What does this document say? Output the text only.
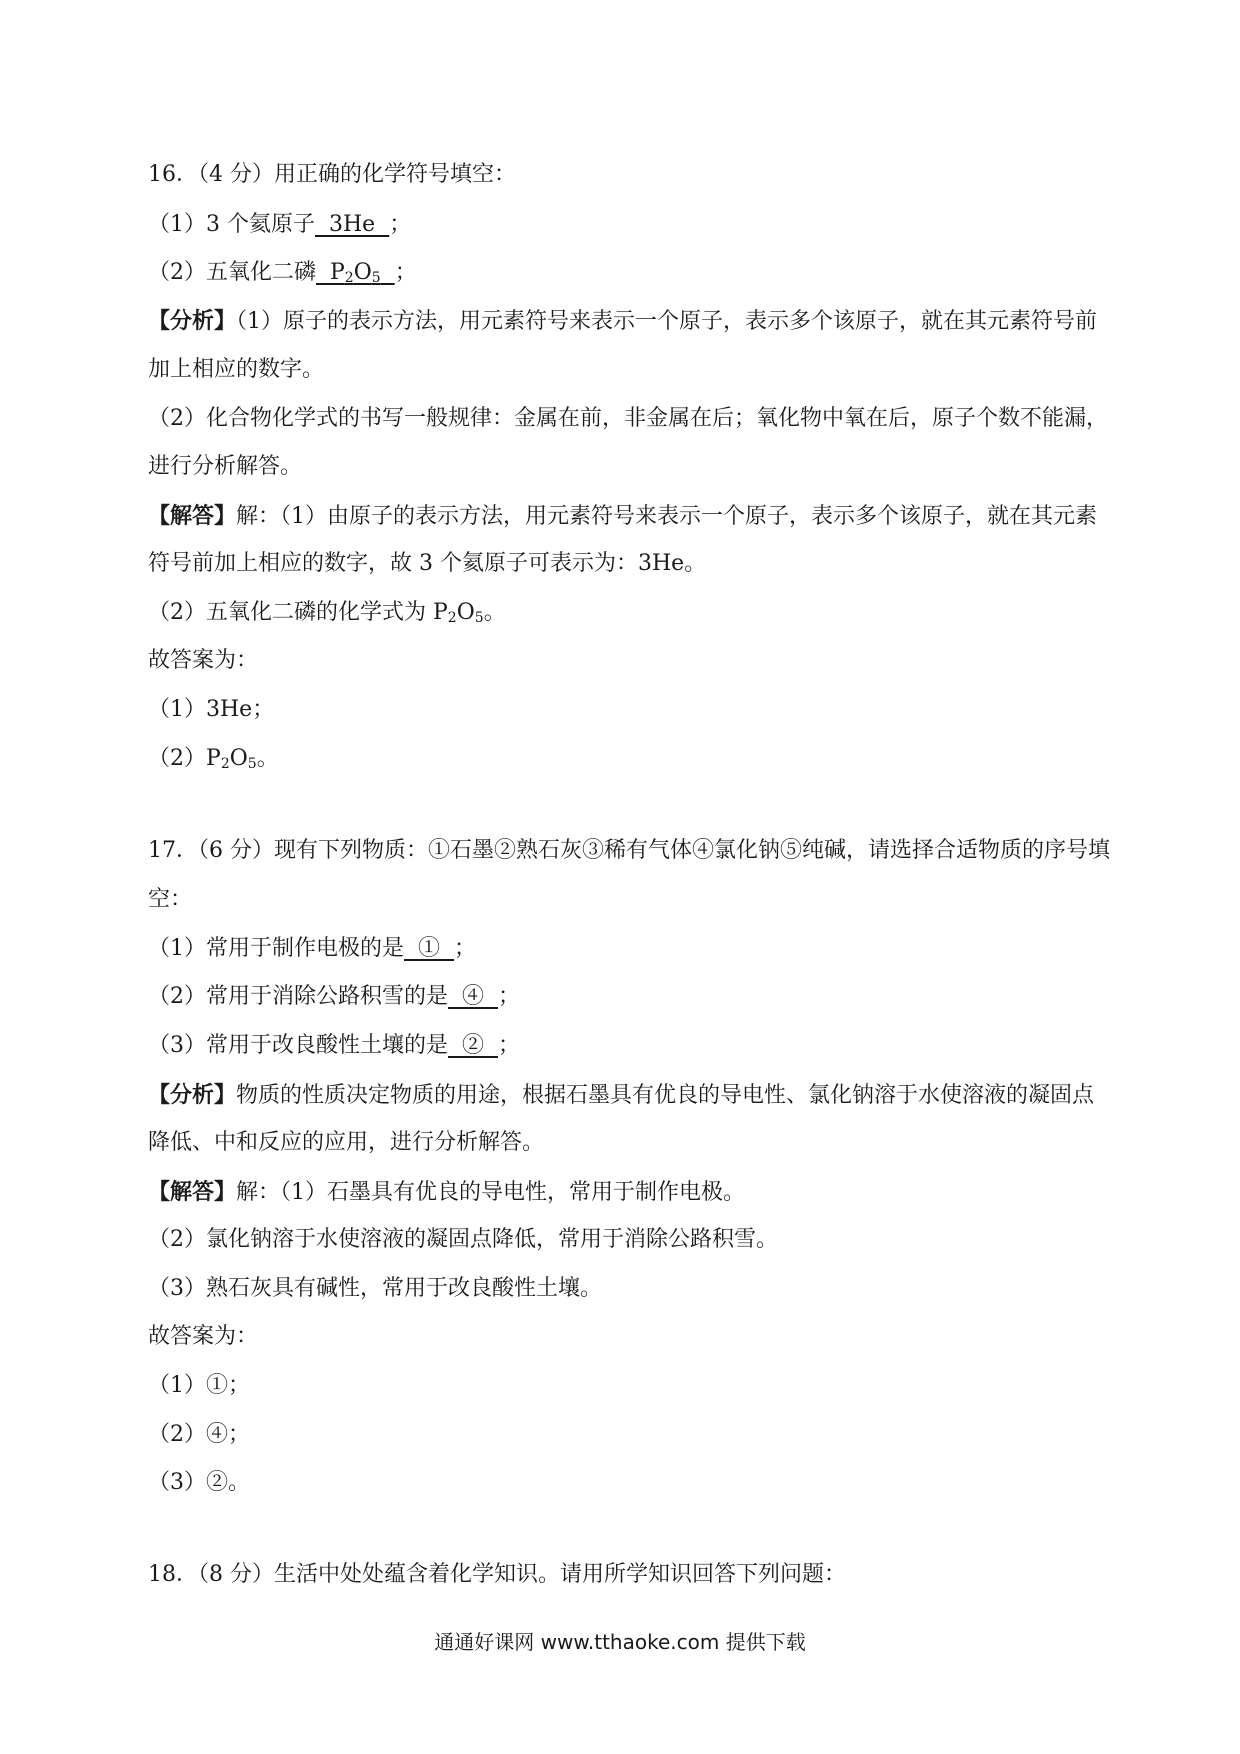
16．（4 分）用正确的化学符号填空：
（1）3 个氦原子  3He  ；
（2）五氧化二磷  $P_2O_5$ ；
【分析】（1）原子的表示方法，用元素符号来表示一个原子，表示多个该原子，就在其元素符号前
加上相应的数字。
（2）化合物化学式的书写一般规律：金属在前，非金属在后；氧化物中氧在后，原子个数不能漏，
进行分析解答。
【解答】解：（1）由原子的表示方法，用元素符号来表示一个原子，表示多个该原子，就在其元素
符号前加上相应的数字，故 3 个氦原子可表示为：3He。
（2）五氧化二磷的化学式为 $P_2O_5$。
故答案为：
（1）3He；
$(2)P_2O_5$。
17．（6 分）现有下列物质：①石墨②熟石灰③稀有气体④氯化钠⑤纯碱，请选择合适物质的序号填
空：
（1）常用于制作电极的是  ①  ；
（2）常用于消除公路积雪的是  ④  ；
（3）常用于改良酸性土壤的是  ②  ；
【分析】物质的性质决定物质的用途，根据石墨具有优良的导电性、氯化钠溶于水使溶液的凝固点
降低、中和反应的应用，进行分析解答。
【解答】解：（1）石墨具有优良的导电性，常用于制作电极。
（2）氯化钠溶于水使溶液的凝固点降低，常用于消除公路积雪。
（3）熟石灰具有碱性，常用于改良酸性土壤。
故答案为：
（1）①；
（2）④；
（3）②。
18．（8 分）生活中处处蕴含着化学知识。请用所学知识回答下列问题：
通通好课网 www.tthaoke.com 提供下载
